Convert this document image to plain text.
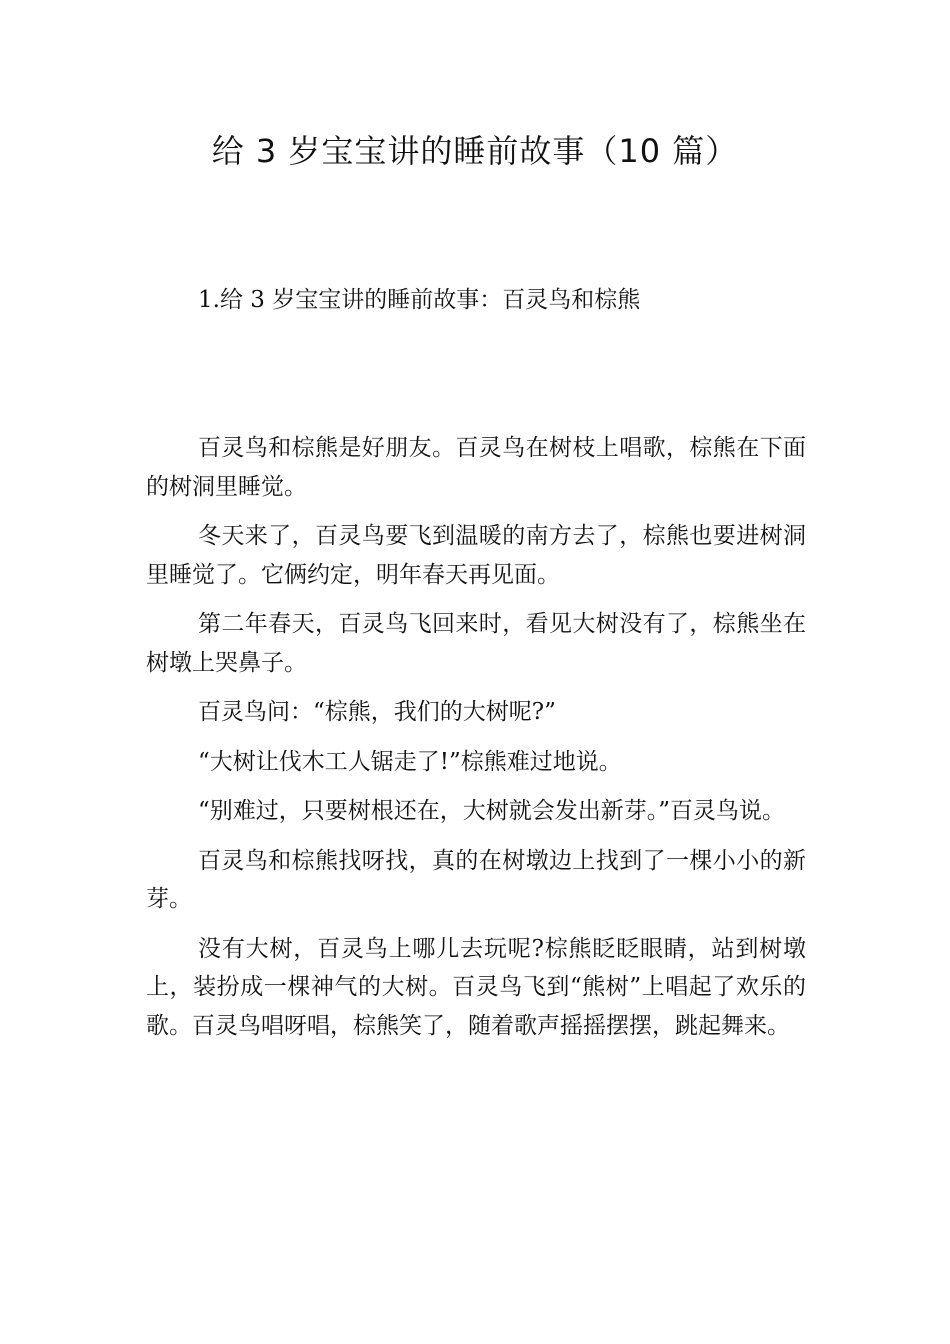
给 3 岁宝宝讲的睡前故事（10 篇）
1.给 3 岁宝宝讲的睡前故事：百灵鸟和棕熊

百灵鸟和棕熊是好朋友。百灵鸟在树枝上唱歌，棕熊在下面的树洞里睡觉。

冬天来了，百灵鸟要飞到温暖的南方去了，棕熊也要进树洞里睡觉了。它俩约定，明年春天再见面。

第二年春天，百灵鸟飞回来时，看见大树没有了，棕熊坐在树墩上哭鼻子。

百灵鸟问：“棕熊，我们的大树呢?”

“大树让伐木工人锯走了!”棕熊难过地说。

“别难过，只要树根还在，大树就会发出新芽。”百灵鸟说。

百灵鸟和棕熊找呀找，真的在树墩边上找到了一棵小小的新芽。

没有大树，百灵鸟上哪儿去玩呢?棕熊眨眨眼睛，站到树墩上，装扮成一棵神气的大树。百灵鸟飞到“熊树”上唱起了欢乐的歌。百灵鸟唱呀唱，棕熊笑了，随着歌声摇摇摆摆，跳起舞来。
